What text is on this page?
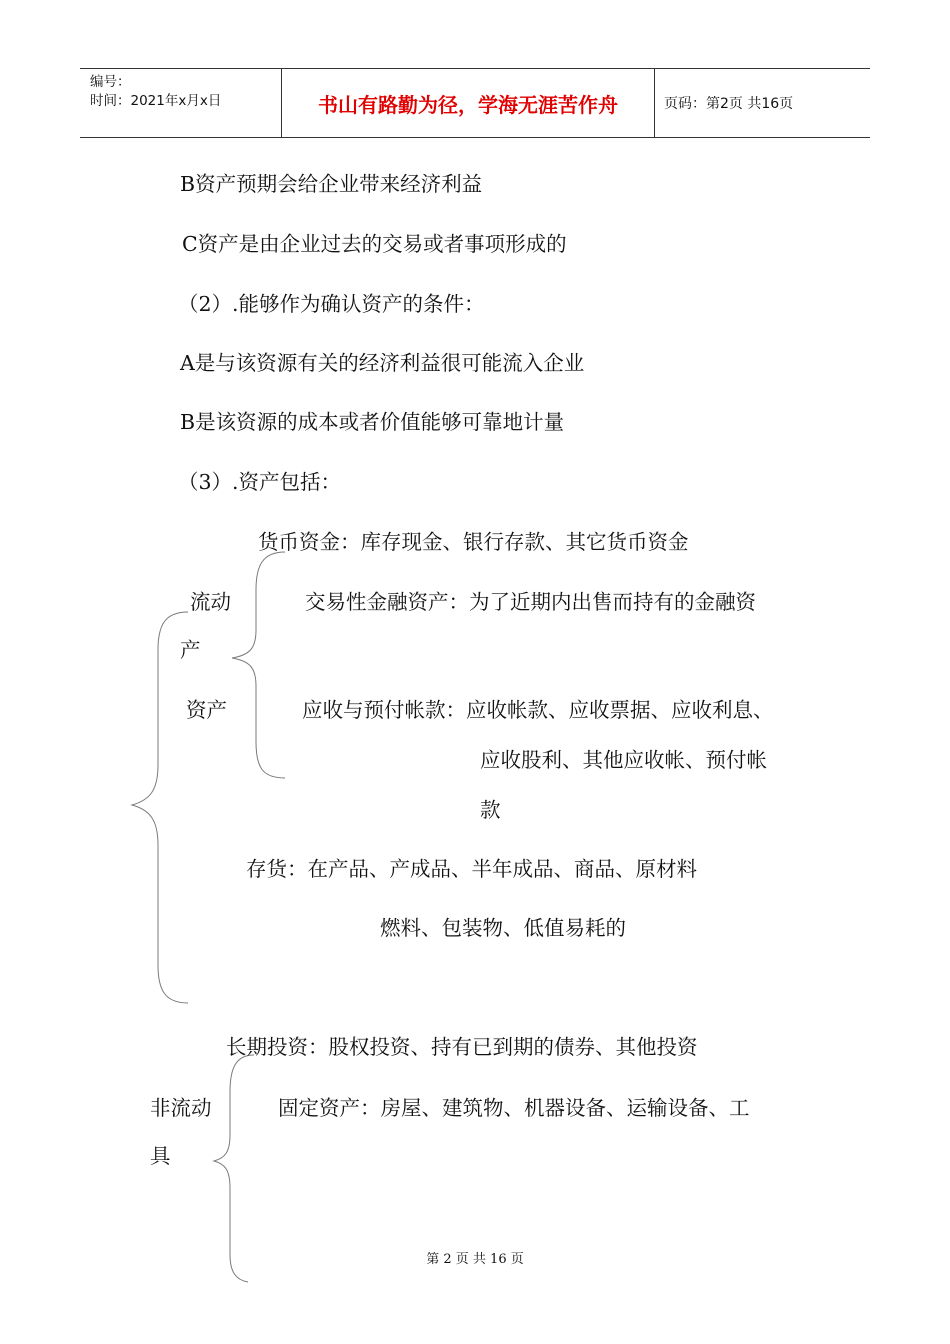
编号：
时间：2021年x月x日	书山有路勤为径，学海无涯苦作舟	页码：第2页 共16页
B资产预期会给企业带来经济利益
C资产是由企业过去的交易或者事项形成的
（2）.能够作为确认资产的条件：
A是与该资源有关的经济利益很可能流入企业
B是该资源的成本或者价值能够可靠地计量
（3）.资产包括：
货币资金：库存现金、银行存款、其它货币资金
流动	交易性金融资产：为了近期内出售而持有的金融资
产
资产	应收与预付帐款：应收帐款、应收票据、应收利息、
应收股利、其他应收帐、预付帐
款
存货：在产品、产成品、半年成品、商品、原材料
燃料、包装物、低值易耗的
长期投资：股权投资、持有已到期的债券、其他投资
非流动	固定资产：房屋、建筑物、机器设备、运输设备、工
具
第 2 页 共 16 页
